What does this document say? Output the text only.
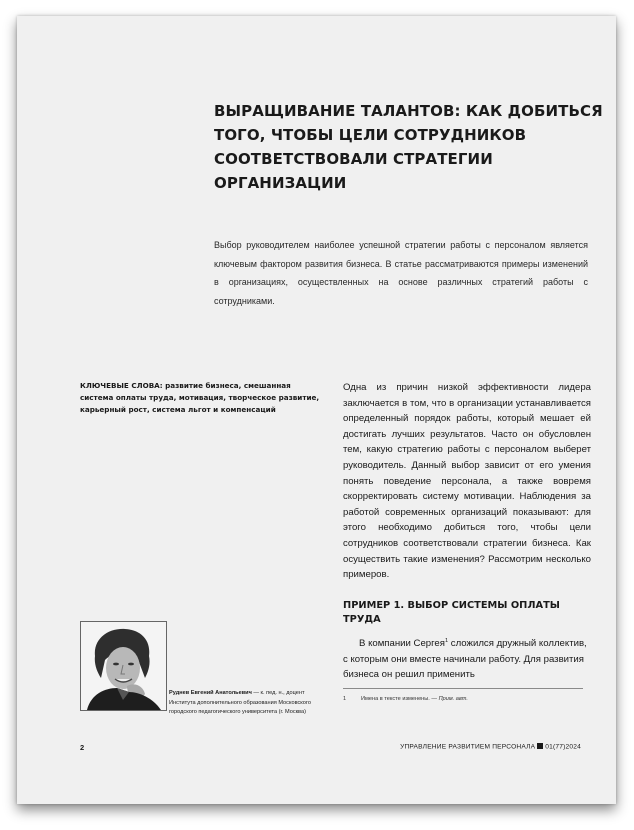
ВЫРАЩИВАНИЕ ТАЛАНТОВ: КАК ДОБИТЬСЯ ТОГО, ЧТОБЫ ЦЕЛИ СОТРУДНИКОВ СООТВЕТСТВОВАЛИ СТРАТЕГИИ ОРГАНИЗАЦИИ

Выбор руководителем наиболее успешной стратегии работы с персоналом является ключевым фактором развития бизнеса. В статье рассматриваются примеры изменений в организациях, осуществленных на основе различных стратегий работы с сотрудниками.

КЛЮЧЕВЫЕ СЛОВА: развитие бизнеса, смешанная система оплаты труда, мотивация, творческое развитие, карьерный рост, система льгот и компенсаций

Одна из причин низкой эффективности лидера заключается в том, что в организации устанавливается определенный порядок работы, который мешает ей достигать лучших результатов. Часто он обусловлен тем, какую стратегию работы с персоналом выберет руководитель. Данный выбор зависит от его умения понять поведение персонала, а также вовремя скорректировать систему мотивации. Наблюдения за работой современных организаций показывают: для этого необходимо добиться того, чтобы цели сотрудников соответствовали стратегии бизнеса. Как осуществить такие изменения? Рассмотрим несколько примеров.

ПРИМЕР 1. ВЫБОР СИСТЕМЫ ОПЛАТЫ ТРУДА

В компании Сергея$^1$ сложился дружный коллектив, с которым они вместе начинали работу. Для развития бизнеса он решил применить

1	Имена в тексте изменены. — Прим. авт.

Руднев Евгений Анатольевич — к. пед. н., доцент Института дополнительного образования Московского городского педагогического университета (г. Москва)

2	УПРАВЛЕНИЕ РАЗВИТИЕМ ПЕРСОНАЛА 01(77)2024
